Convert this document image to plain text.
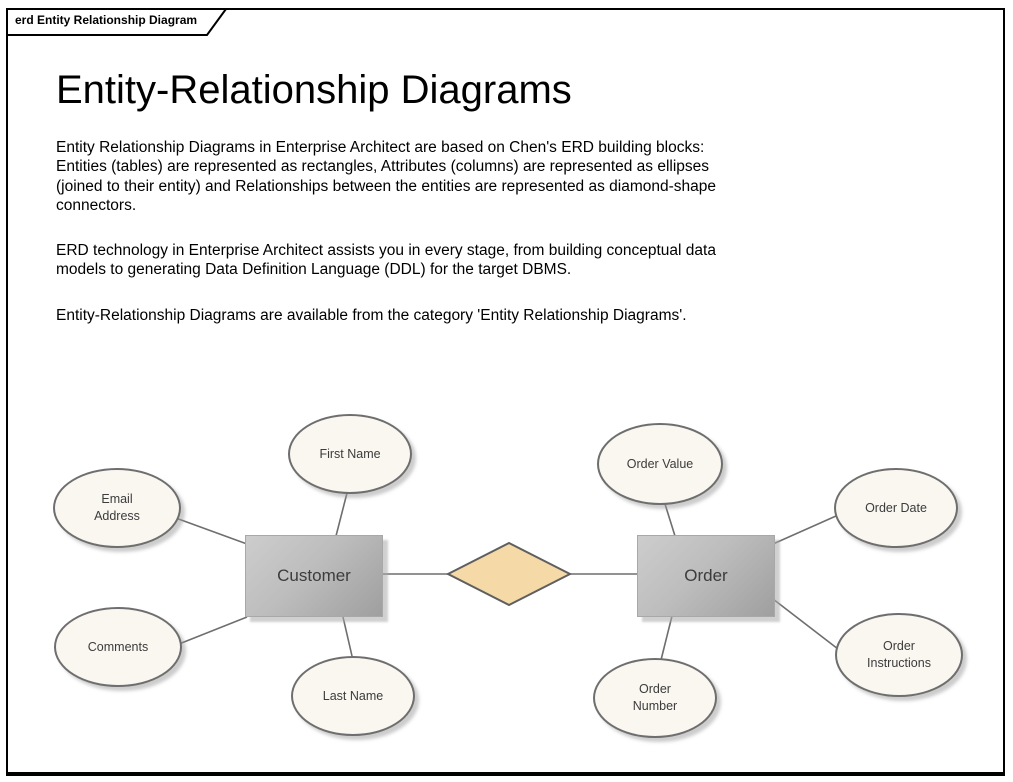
erd Entity Relationship Diagram
Entity-Relationship Diagrams

Entity Relationship Diagrams in Enterprise Architect are based on Chen's ERD building blocks: Entities (tables) are represented as rectangles, Attributes (columns) are represented as ellipses (joined to their entity) and Relationships between the entities are represented as diamond-shape connectors.

ERD technology in Enterprise Architect assists you in every stage, from building conceptual data models to generating Data Definition Language (DDL) for the target DBMS.

Entity-Relationship Diagrams are available from the category 'Entity Relationship Diagrams'.

Customer	Order
Email Address
First Name
Comments
Last Name
Order Value
Order Date
Order Number
Order Instructions
